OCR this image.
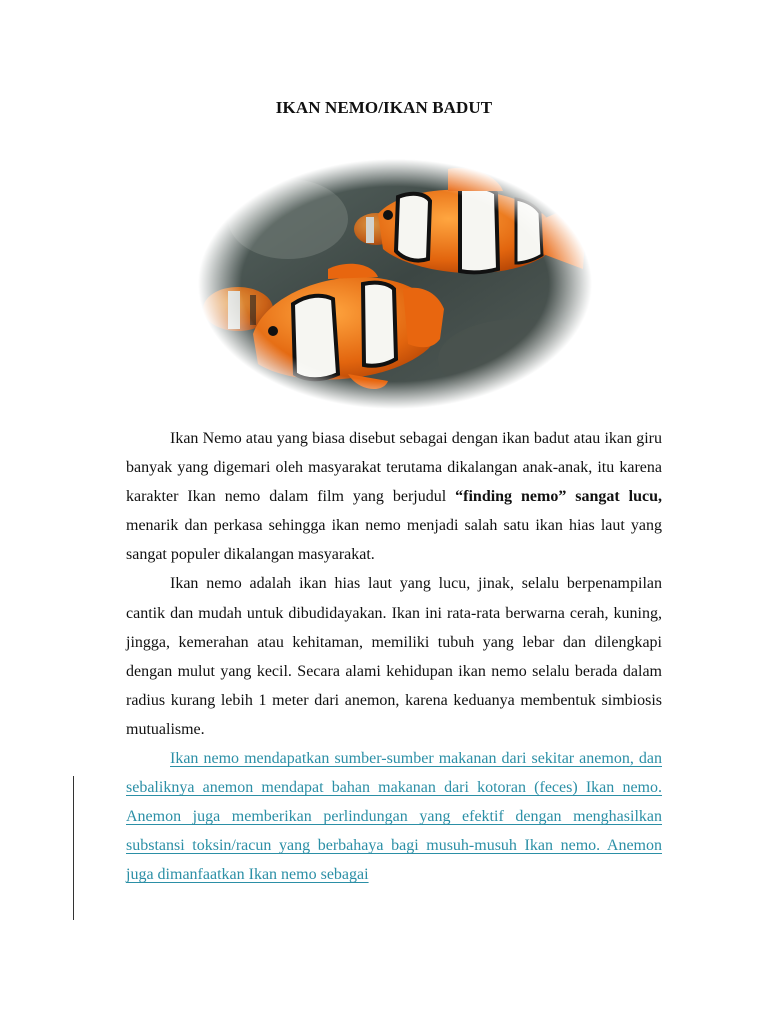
IKAN NEMO/IKAN BADUT

Ikan Nemo atau yang biasa disebut sebagai dengan ikan badut atau ikan giru banyak yang digemari oleh masyarakat terutama dikalangan anak-anak, itu karena karakter Ikan nemo dalam film yang berjudul “finding nemo” sangat lucu, menarik dan perkasa sehingga ikan nemo menjadi salah satu ikan hias laut yang sangat populer dikalangan masyarakat.

Ikan nemo adalah ikan hias laut yang lucu, jinak, selalu berpenampilan cantik dan mudah untuk dibudidayakan. Ikan ini rata-rata berwarna cerah, kuning, jingga, kemerahan atau kehitaman, memiliki tubuh yang lebar dan dilengkapi dengan mulut yang kecil. Secara alami kehidupan ikan nemo selalu berada dalam radius kurang lebih 1 meter dari anemon, karena keduanya membentuk simbiosis mutualisme.

Ikan nemo mendapatkan sumber-sumber makanan dari sekitar anemon, dan sebaliknya anemon mendapat bahan makanan dari kotoran (feces) Ikan nemo. Anemon juga memberikan perlindungan yang efektif dengan menghasilkan substansi toksin/racun yang berbahaya bagi musuh-musuh Ikan nemo. Anemon juga dimanfaatkan Ikan nemo sebagai
